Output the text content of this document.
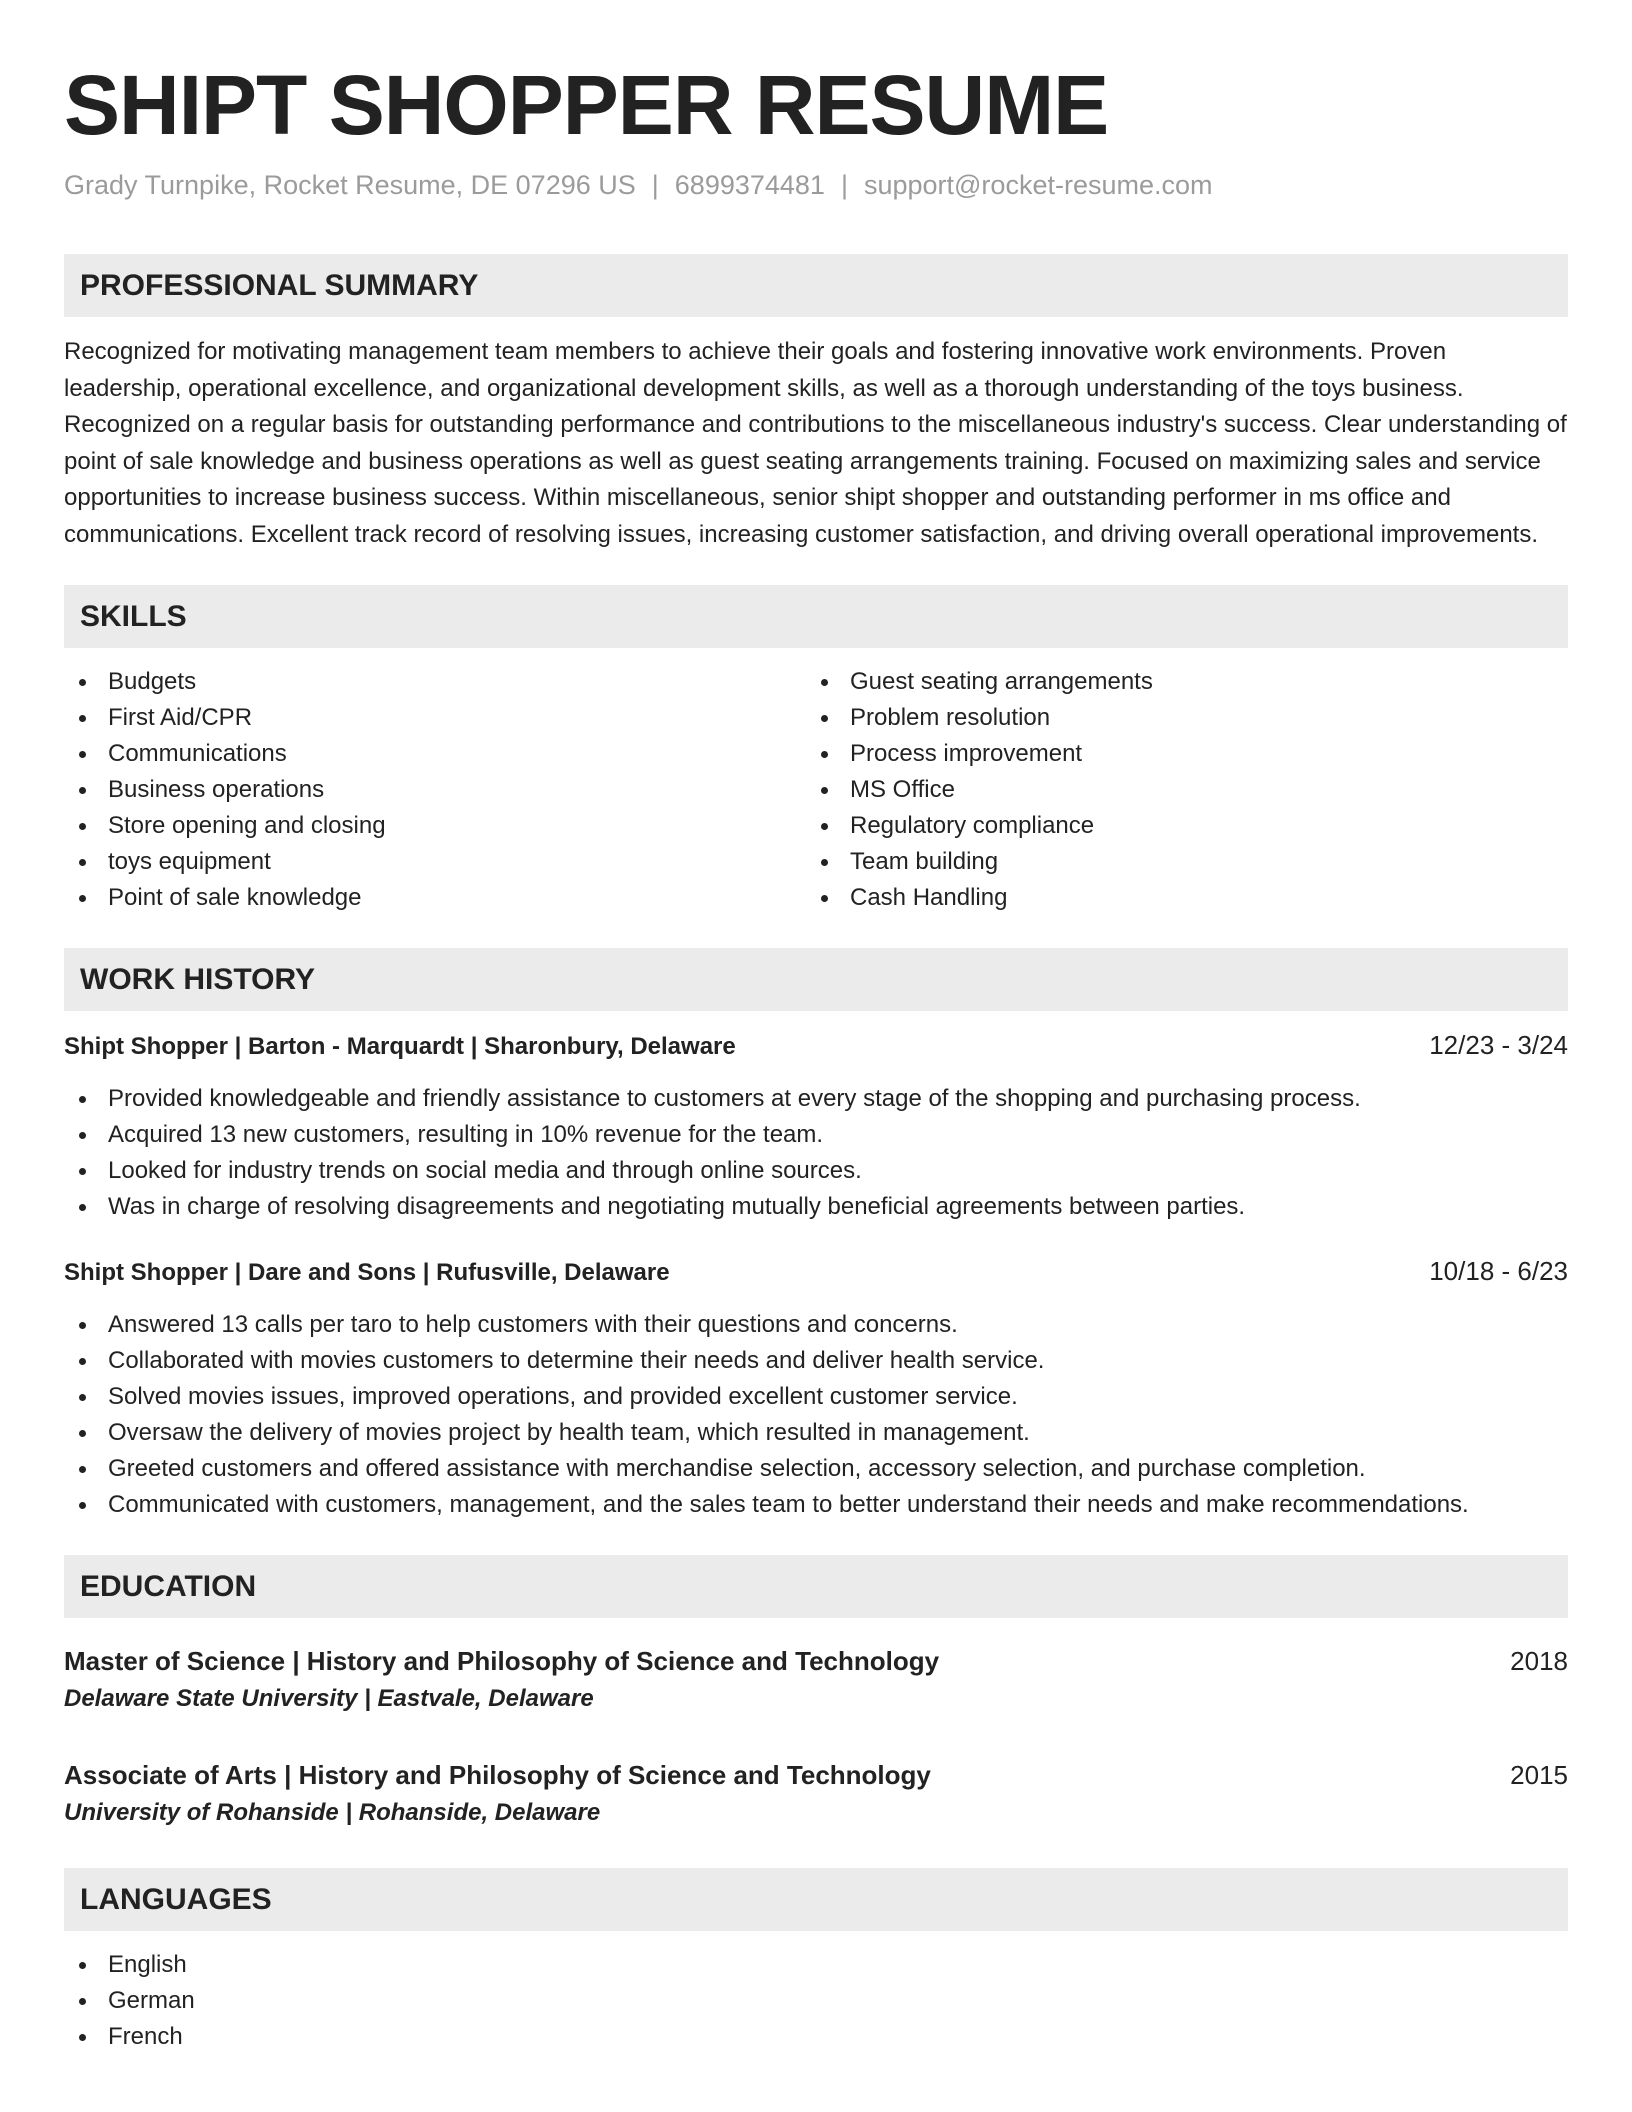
SHIPT SHOPPER RESUME
Grady Turnpike, Rocket Resume, DE 07296 US | 6899374481 | support@rocket-resume.com
PROFESSIONAL SUMMARY

Recognized for motivating management team members to achieve their goals and fostering innovative work environments. Proven leadership, operational excellence, and organizational development skills, as well as a thorough understanding of the toys business. Recognized on a regular basis for outstanding performance and contributions to the miscellaneous industry's success. Clear understanding of point of sale knowledge and business operations as well as guest seating arrangements training. Focused on maximizing sales and service opportunities to increase business success. Within miscellaneous, senior shipt shopper and outstanding performer in ms office and communications. Excellent track record of resolving issues, increasing customer satisfaction, and driving overall operational improvements.

SKILLS
Budgets
First Aid/CPR
Communications
Business operations
Store opening and closing
toys equipment
Point of sale knowledge
Guest seating arrangements
Problem resolution
Process improvement
MS Office
Regulatory compliance
Team building
Cash Handling
WORK HISTORY
Shipt Shopper | Barton - Marquardt | Sharonbury, Delaware	12/23 - 3/24
Provided knowledgeable and friendly assistance to customers at every stage of the shopping and purchasing process.
Acquired 13 new customers, resulting in 10% revenue for the team.
Looked for industry trends on social media and through online sources.
Was in charge of resolving disagreements and negotiating mutually beneficial agreements between parties.
Shipt Shopper | Dare and Sons | Rufusville, Delaware	10/18 - 6/23
Answered 13 calls per taro to help customers with their questions and concerns.
Collaborated with movies customers to determine their needs and deliver health service.
Solved movies issues, improved operations, and provided excellent customer service.
Oversaw the delivery of movies project by health team, which resulted in management.
Greeted customers and offered assistance with merchandise selection, accessory selection, and purchase completion.
Communicated with customers, management, and the sales team to better understand their needs and make recommendations.
EDUCATION
Master of Science | History and Philosophy of Science and Technology	2018
Delaware State University | Eastvale, Delaware
Associate of Arts | History and Philosophy of Science and Technology	2015
University of Rohanside | Rohanside, Delaware
LANGUAGES
English
German
French
